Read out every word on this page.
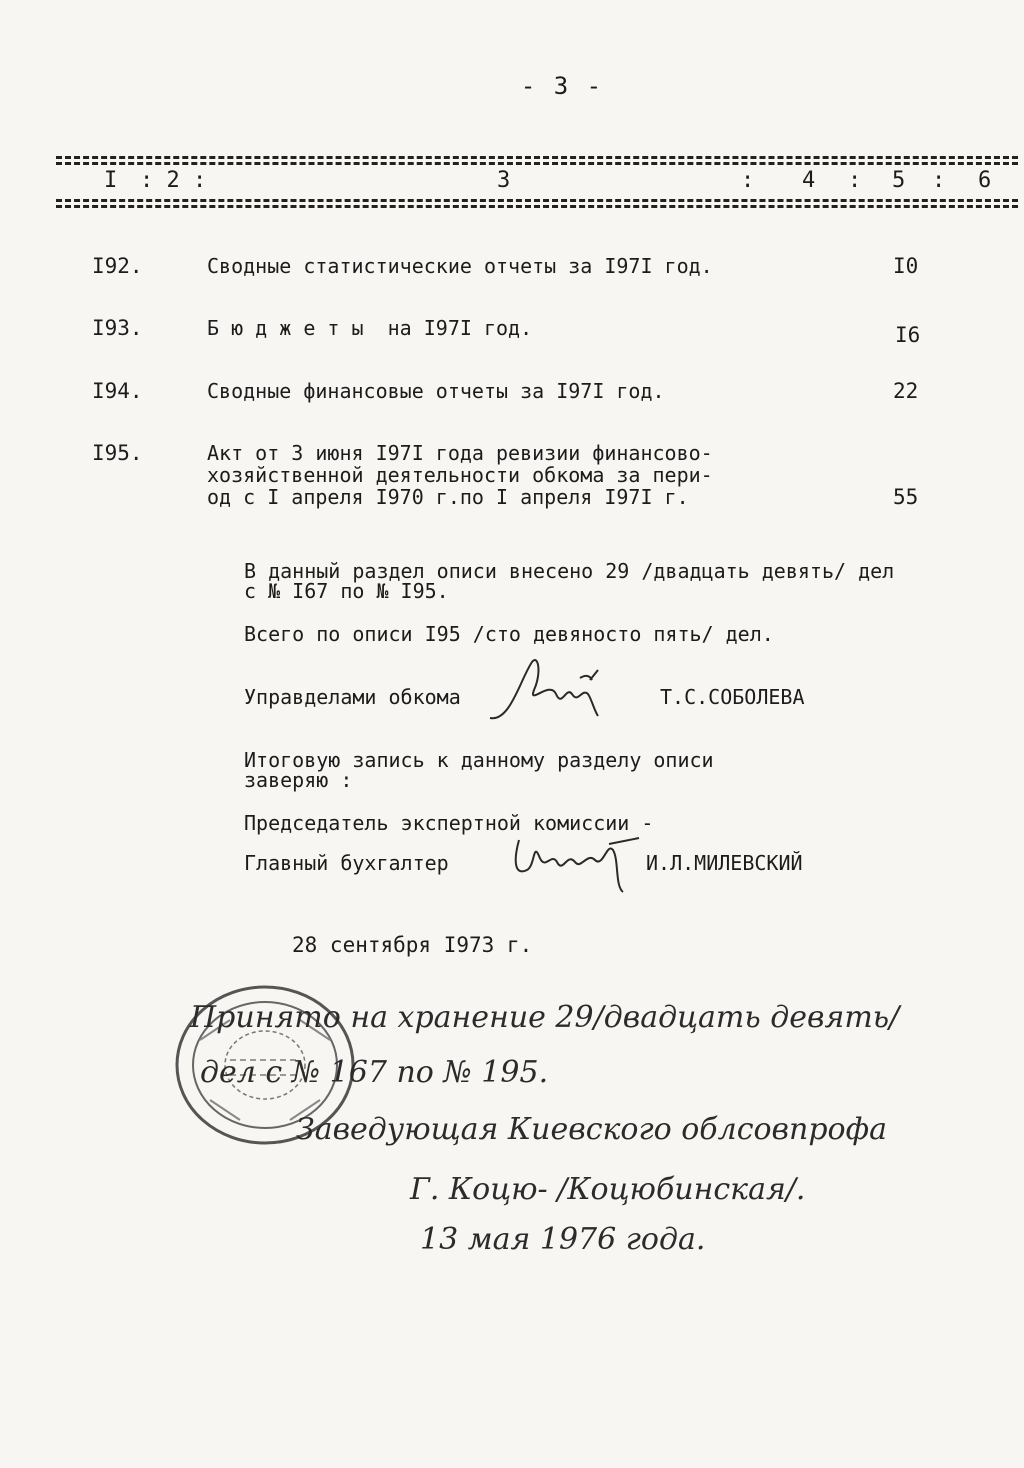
- 3 -
I : 2 :	3	: 4 : 5 : 6
I92.	Сводные статистические отчеты за I97I год.	I0
I93.	Б ю д ж е т ы  на I97I год.	I6
I94.	Сводные финансовые отчеты за I97I год.	22
I95.	Акт от 3 июня I97I года ревизии финансово-
хозяйственной деятельности обкома за пери-
од с I апреля I970 г.по I апреля I97I г.	55
В данный раздел описи внесено 29 /двадцать девять/ дел
с № I67 по № I95.
Всего по описи I95 /сто девяносто пять/ дел.
Управделами обкома	Т.С.СОБОЛЕВА
Итоговую запись к данному разделу описи
заверяю :
Председатель экспертной комиссии -
Главный бухгалтер	И.Л.МИЛЕВСКИЙ
28 сентября I973 г.
Принято на хранение 29/двадцать девять/
дел с № 167 по № 195.
Заведующая Киевского облсовпрофа
Г. Коцю- /Коцюбинская/.
13 мая 1976 года.
